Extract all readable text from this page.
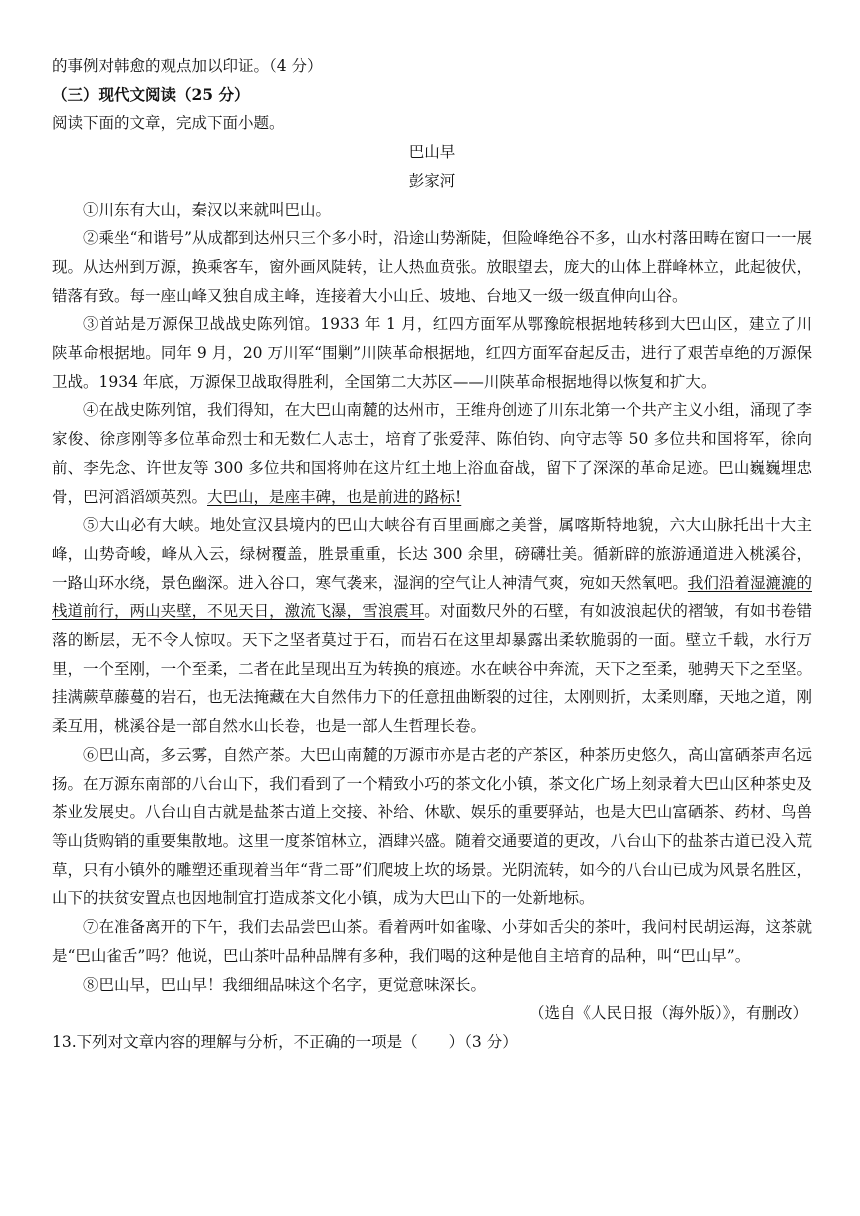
的事例对韩愈的观点加以印证。（4 分）
（三）现代文阅读（25 分）
阅读下面的文章，完成下面小题。
巴山早
彭家河

①川东有大山，秦汉以来就叫巴山。

②乘坐“和谐号”从成都到达州只三个多小时，沿途山势渐陡，但险峰绝谷不多，山水村落田畴在窗口一一展现。从达州到万源，换乘客车，窗外画风陡转，让人热血贲张。放眼望去，庞大的山体上群峰林立，此起彼伏，错落有致。每一座山峰又独自成主峰，连接着大小山丘、坡地、台地又一级一级直伸向山谷。

③首站是万源保卫战战史陈列馆。1933 年 1 月，红四方面军从鄂豫皖根据地转移到大巴山区，建立了川陕革命根据地。同年 9 月，20 万川军“围剿”川陕革命根据地，红四方面军奋起反击，进行了艰苦卓绝的万源保卫战。1934 年底，万源保卫战取得胜利，全国第二大苏区——川陕革命根据地得以恢复和扩大。

④在战史陈列馆，我们得知，在大巴山南麓的达州市，王维舟创迹了川东北第一个共产主义小组，涌现了李家俊、徐彦刚等多位革命烈士和无数仁人志士，培育了张爱萍、陈伯钧、向守志等 50 多位共和国将军，徐向前、李先念、许世友等 300 多位共和国将帅在这片红土地上浴血奋战，留下了深深的革命足迹。巴山巍巍埋忠骨，巴河滔滔颂英烈。大巴山，是座丰碑，也是前进的路标!

⑤大山必有大峡。地处宣汉县境内的巴山大峡谷有百里画廊之美誉，属喀斯特地貌，六大山脉托出十大主峰，山势奇峻，峰从入云，绿树覆盖，胜景重重，长达 300 余里，磅礴壮美。循新辟的旅游通道进入桃溪谷，一路山环水绕，景色幽深。进入谷口，寒气袭来，湿润的空气让人神清气爽，宛如天然氧吧。我们沿着湿漉漉的栈道前行，两山夹壁，不见天日，激流飞瀑，雪浪震耳。对面数尺外的石壁，有如波浪起伏的褶皱，有如书卷错落的断层，无不令人惊叹。天下之坚者莫过于石，而岩石在这里却暴露出柔软脆弱的一面。壁立千载，水行万里，一个至刚，一个至柔，二者在此呈现出互为转换的痕迹。水在峡谷中奔流，天下之至柔，驰骋天下之至坚。挂满蕨草藤蔓的岩石，也无法掩藏在大自然伟力下的任意扭曲断裂的过往，太刚则折，太柔则靡，天地之道，刚柔互用，桃溪谷是一部自然水山长卷，也是一部人生哲理长卷。

⑥巴山高，多云雾，自然产茶。大巴山南麓的万源市亦是古老的产茶区，种茶历史悠久，高山富硒茶声名远扬。在万源东南部的八台山下，我们看到了一个精致小巧的茶文化小镇，茶文化广场上刻录着大巴山区种茶史及茶业发展史。八台山自古就是盐茶古道上交接、补给、休歇、娱乐的重要驿站，也是大巴山富硒茶、药材、鸟兽等山货购销的重要集散地。这里一度茶馆林立，酒肆兴盛。随着交通要道的更改，八台山下的盐茶古道已没入荒草，只有小镇外的雕塑还重现着当年“背二哥”们爬坡上坎的场景。光阴流转，如今的八台山已成为风景名胜区，山下的扶贫安置点也因地制宜打造成茶文化小镇，成为大巴山下的一处新地标。

⑦在准备离开的下午，我们去品尝巴山茶。看着两叶如雀喙、小芽如舌尖的茶叶，我问村民胡运海，这茶就是“巴山雀舌”吗？他说，巴山茶叶品种品牌有多种，我们喝的这种是他自主培育的品种，叫“巴山早”。

⑧巴山早，巴山早！我细细品味这个名字，更觉意味深长。

（选自《人民日报（海外版）》，有删改）
13.下列对文章内容的理解与分析，不正确的一项是（　　）（3 分）
